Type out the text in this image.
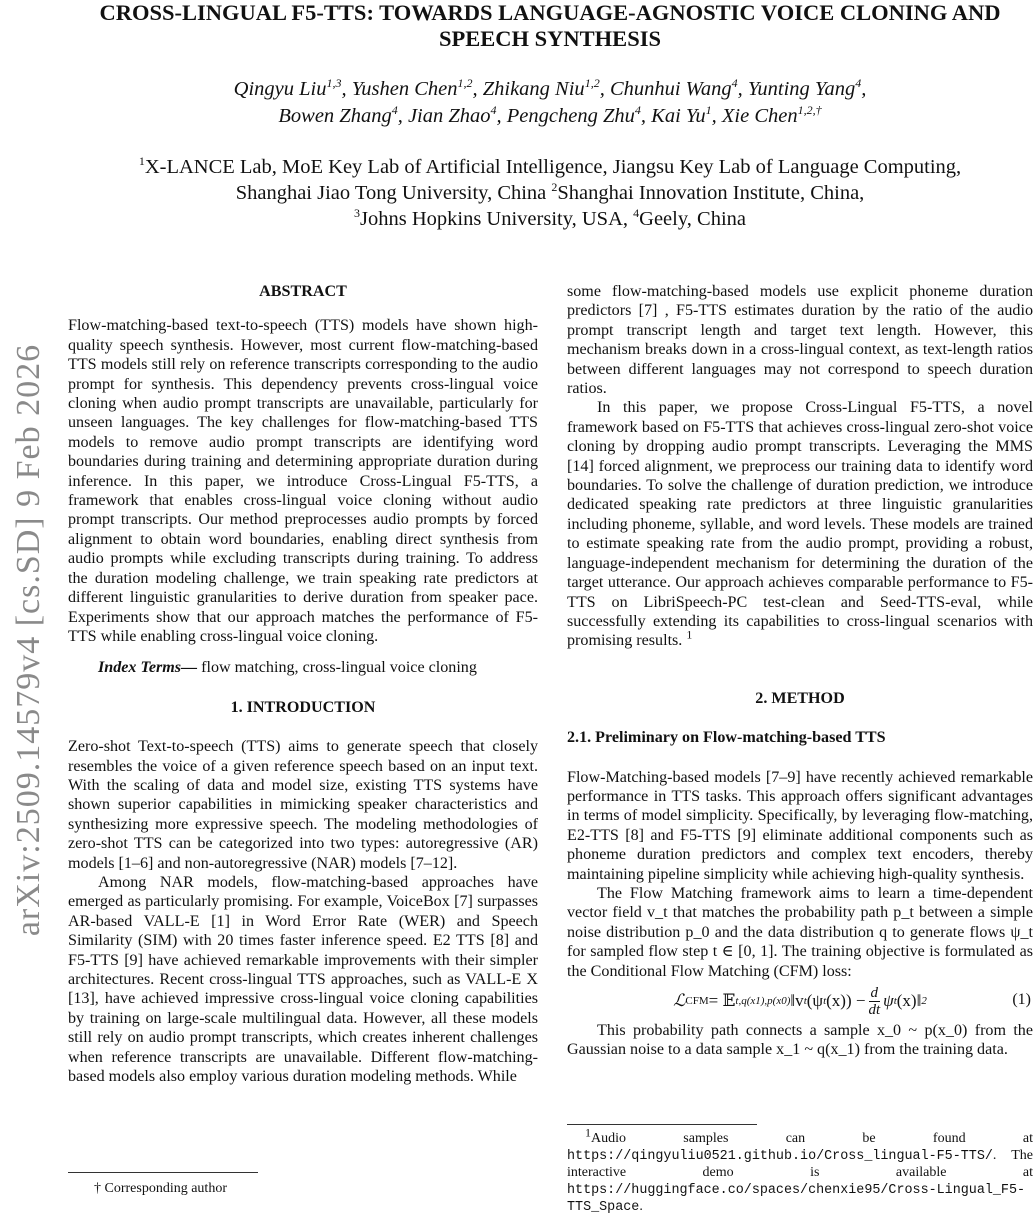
arXiv:2509.14579v4 [cs.SD] 9 Feb 2026
CROSS-LINGUAL F5-TTS: TOWARDS LANGUAGE-AGNOSTIC VOICE CLONING AND SPEECH SYNTHESIS
Qingyu Liu$^{1,3}$, Yushen Chen$^{1,2}$, Zhikang Niu$^{1,2}$, Chunhui Wang$^4$, Yunting Yang$^4$,
Bowen Zhang$^4$, Jian Zhao$^4$, Pengcheng Zhu$^4$, Kai Yu$^1$, Xie Chen$^{1,2,\dagger}$
$^1$X-LANCE Lab, MoE Key Lab of Artificial Intelligence, Jiangsu Key Lab of Language Computing,
Shanghai Jiao Tong University, China $^2$Shanghai Innovation Institute, China,
$^3$Johns Hopkins University, USA, $^4$Geely, China
ABSTRACT

Flow-matching-based text-to-speech (TTS) models have shown high-quality speech synthesis. However, most current flow-matching-based TTS models still rely on reference transcripts corresponding to the audio prompt for synthesis. This dependency prevents cross-lingual voice cloning when audio prompt transcripts are unavailable, particularly for unseen languages. The key challenges for flow-matching-based TTS models to remove audio prompt transcripts are identifying word boundaries during training and determining appropriate duration during inference. In this paper, we introduce Cross-Lingual F5-TTS, a framework that enables cross-lingual voice cloning without audio prompt transcripts. Our method preprocesses audio prompts by forced alignment to obtain word boundaries, enabling direct synthesis from audio prompts while excluding transcripts during training. To address the duration modeling challenge, we train speaking rate predictors at different linguistic granularities to derive duration from speaker pace. Experiments show that our approach matches the performance of F5-TTS while enabling cross-lingual voice cloning.

Index Terms— flow matching, cross-lingual voice cloning

1. INTRODUCTION

Zero-shot Text-to-speech (TTS) aims to generate speech that closely resembles the voice of a given reference speech based on an input text. With the scaling of data and model size, existing TTS systems have shown superior capabilities in mimicking speaker characteristics and synthesizing more expressive speech. The modeling methodologies of zero-shot TTS can be categorized into two types: autoregressive (AR) models [1–6] and non-autoregressive (NAR) models [7–12].

Among NAR models, flow-matching-based approaches have emerged as particularly promising. For example, VoiceBox [7] surpasses AR-based VALL-E [1] in Word Error Rate (WER) and Speech Similarity (SIM) with 20 times faster inference speed. E2 TTS [8] and F5-TTS [9] have achieved remarkable improvements with their simpler architectures. Recent cross-lingual TTS approaches, such as VALL-E X [13], have achieved impressive cross-lingual voice cloning capabilities by training on large-scale multilingual data. However, all these models still rely on audio prompt transcripts, which creates inherent challenges when reference transcripts are unavailable. Different flow-matching-based models also employ various duration modeling methods. While

† Corresponding author

some flow-matching-based models use explicit phoneme duration predictors [7] , F5-TTS estimates duration by the ratio of the audio prompt transcript length and target text length. However, this mechanism breaks down in a cross-lingual context, as text-length ratios between different languages may not correspond to speech duration ratios.

In this paper, we propose Cross-Lingual F5-TTS, a novel framework based on F5-TTS that achieves cross-lingual zero-shot voice cloning by dropping audio prompt transcripts. Leveraging the MMS [14] forced alignment, we preprocess our training data to identify word boundaries. To solve the challenge of duration prediction, we introduce dedicated speaking rate predictors at three linguistic granularities including phoneme, syllable, and word levels. These models are trained to estimate speaking rate from the audio prompt, providing a robust, language-independent mechanism for determining the duration of the target utterance. Our approach achieves comparable performance to F5-TTS on LibriSpeech-PC test-clean and Seed-TTS-eval, while successfully extending its capabilities to cross-lingual scenarios with promising results. $^1$

2. METHOD
2.1. Preliminary on Flow-matching-based TTS

Flow-Matching-based models [7–9] have recently achieved remarkable performance in TTS tasks. This approach offers significant advantages in terms of model simplicity. Specifically, by leveraging flow-matching, E2-TTS [8] and F5-TTS [9] eliminate additional components such as phoneme duration predictors and complex text encoders, thereby maintaining pipeline simplicity while achieving high-quality synthesis.

The Flow Matching framework aims to learn a time-dependent vector field v_t that matches the probability path p_t between a simple noise distribution p_0 and the data distribution q to generate flows ψ_t for sampled flow step t ∈ [0, 1]. The training objective is formulated as the Conditional Flow Matching (CFM) loss:

ℒ CFM = 𝔼 t,q(x1),p(x0) ‖v t (ψ t $(x)) - \frac{d}{dt}$ ψ t (x)‖ 2	(1)

This probability path connects a sample x_0 ~ p(x_0) from the Gaussian noise to a data sample x_1 ~ q(x_1) from the training data.

$^1$Audio samples can be found at https://qingyuliu0521.github.io/Cross_lingual-F5-TTS/. The interactive demo is available at https://huggingface.co/spaces/chenxie95/Cross-Lingual_F5-TTS_Space.
